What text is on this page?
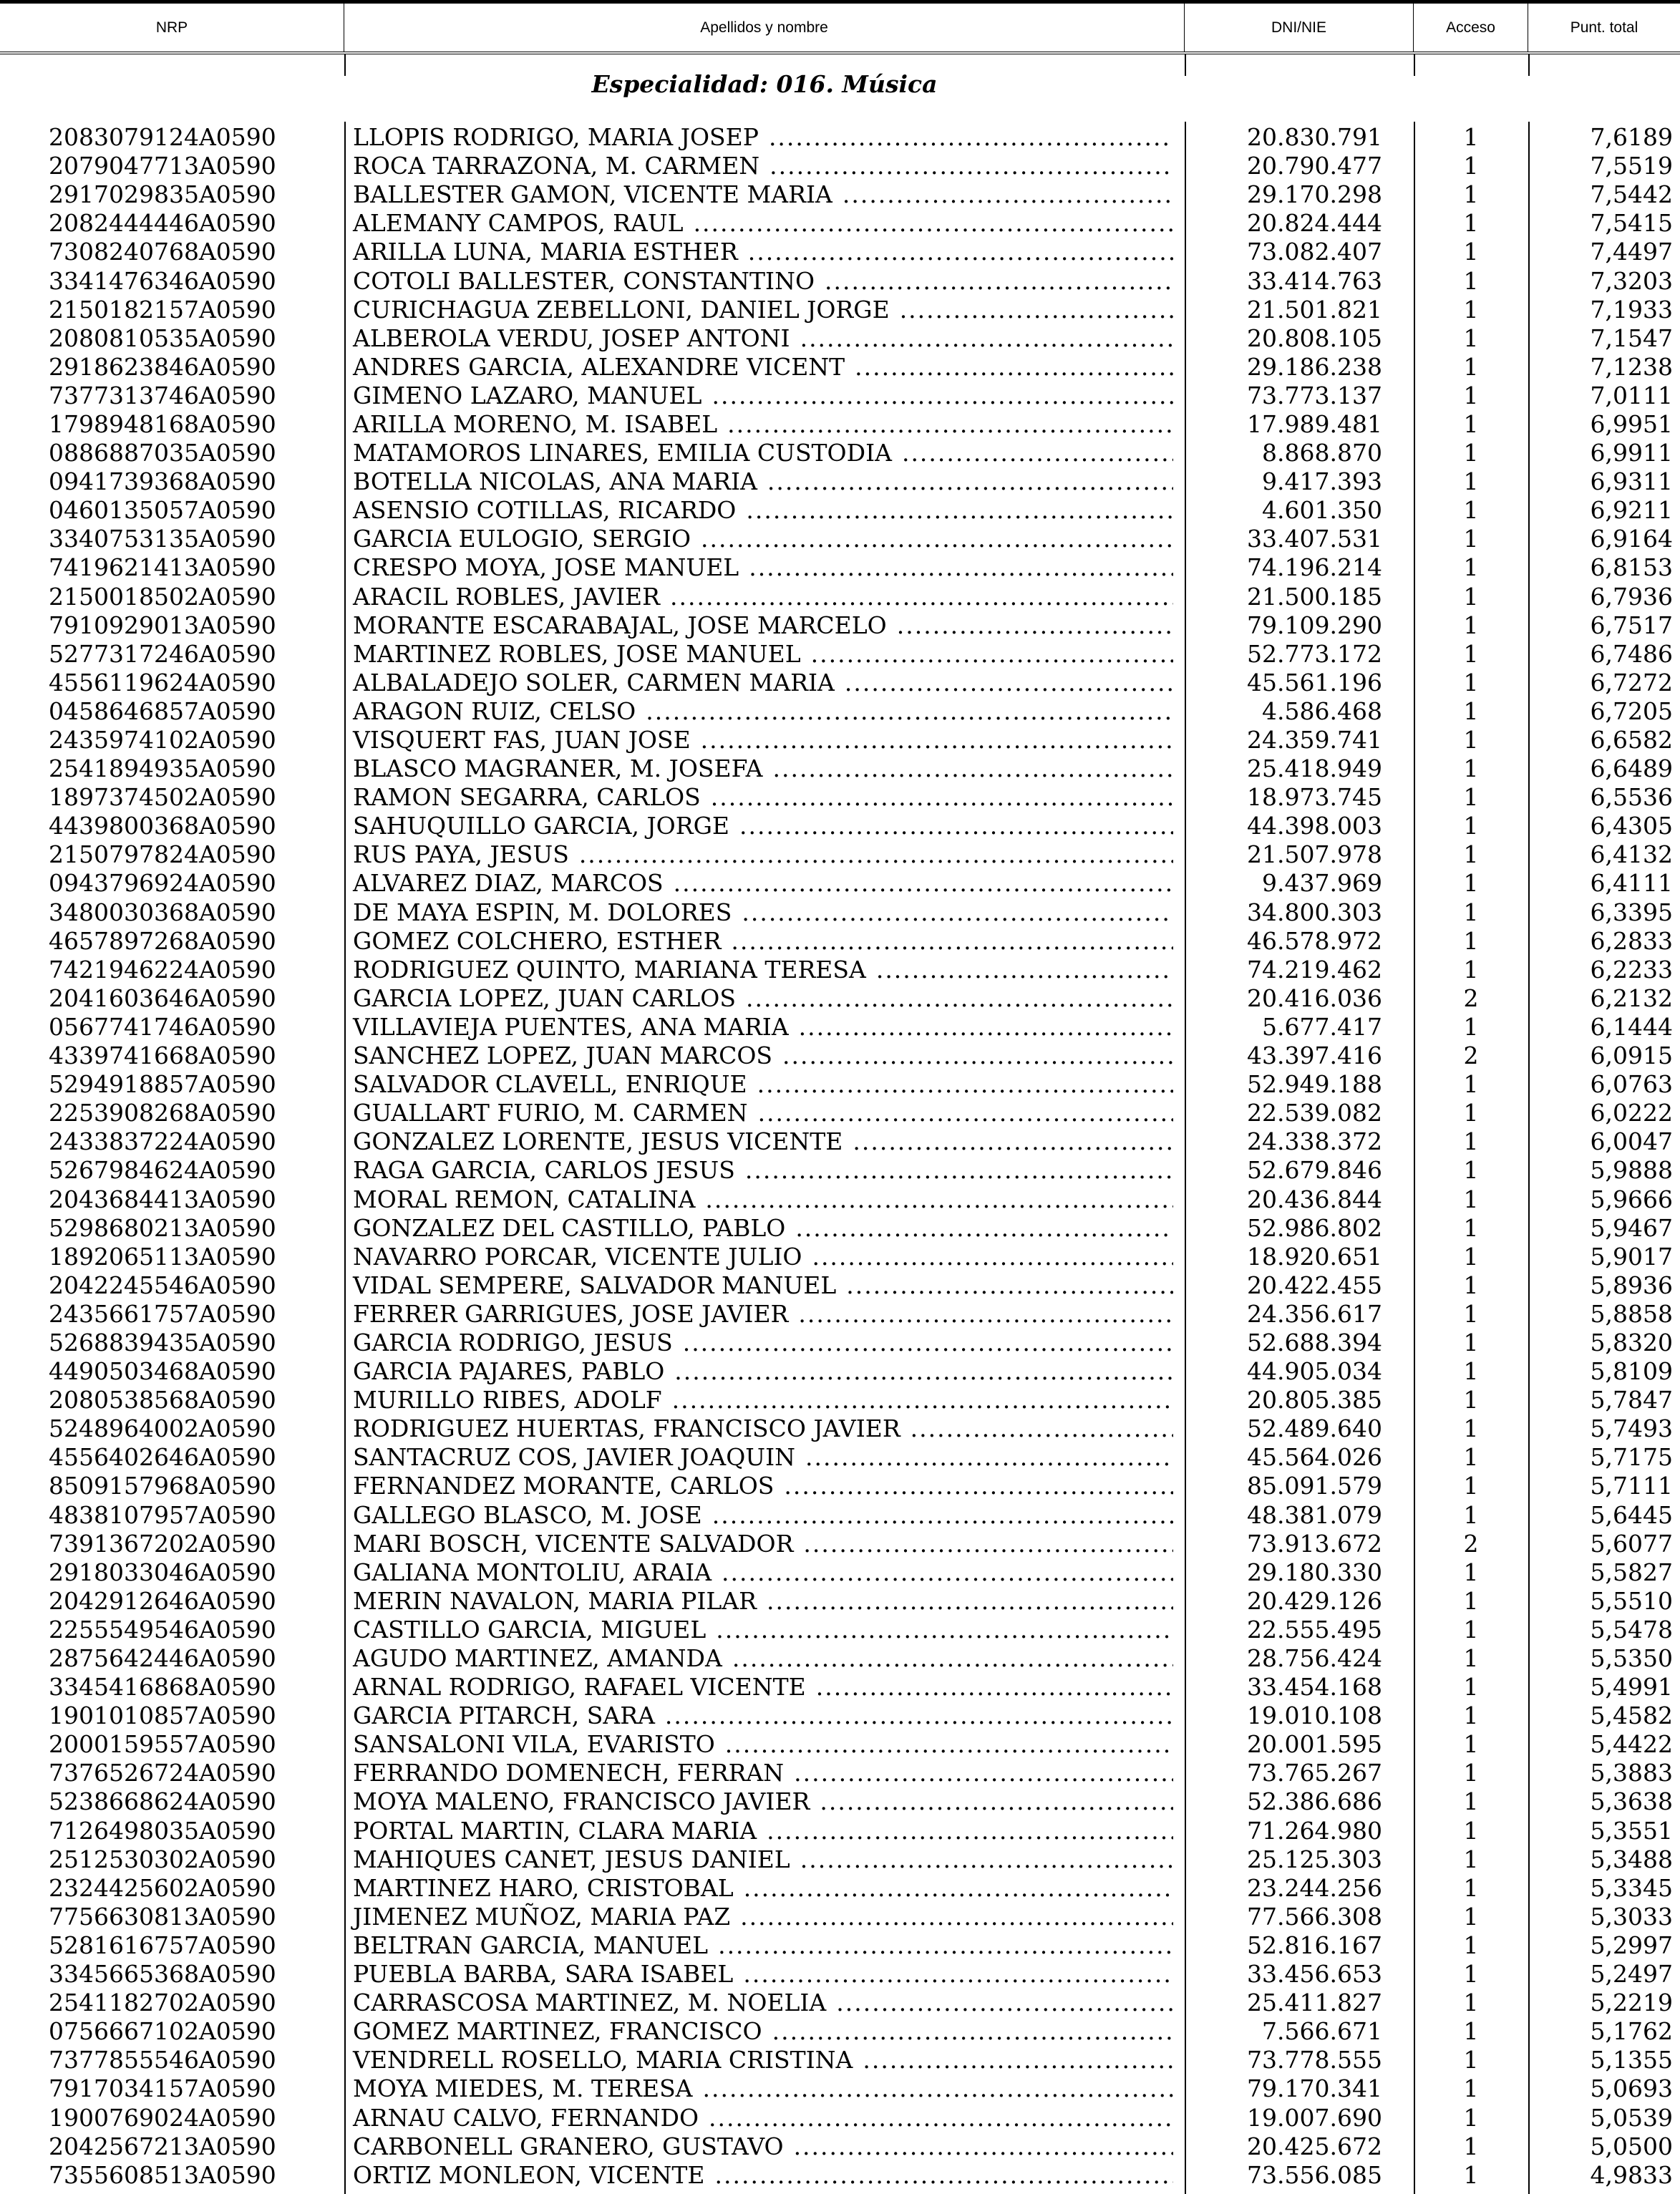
NRP	Apellidos y nombre	DNI/NIE	Acceso	Punt. total
Especialidad: 016. Música
2083079124A0590	LLOPIS RODRIGO, MARIA JOSEP .....	20.830.791	1	7,6189
2079047713A0590	ROCA TARRAZONA, M. CARMEN .....	20.790.477	1	7,5519
2917029835A0590	BALLESTER GAMON, VICENTE MARIA .....	29.170.298	1	7,5442
2082444446A0590	ALEMANY CAMPOS, RAUL .....	20.824.444	1	7,5415
7308240768A0590	ARILLA LUNA, MARIA ESTHER .....	73.082.407	1	7,4497
3341476346A0590	COTOLI BALLESTER, CONSTANTINO .....	33.414.763	1	7,3203
2150182157A0590	CURICHAGUA ZEBELLONI, DANIEL JORGE .....	21.501.821	1	7,1933
2080810535A0590	ALBEROLA VERDU, JOSEP ANTONI .....	20.808.105	1	7,1547
2918623846A0590	ANDRES GARCIA, ALEXANDRE VICENT .....	29.186.238	1	7,1238
7377313746A0590	GIMENO LAZARO, MANUEL .....	73.773.137	1	7,0111
1798948168A0590	ARILLA MORENO, M. ISABEL .....	17.989.481	1	6,9951
0886887035A0590	MATAMOROS LINARES, EMILIA CUSTODIA .....	8.868.870	1	6,9911
0941739368A0590	BOTELLA NICOLAS, ANA MARIA .....	9.417.393	1	6,9311
0460135057A0590	ASENSIO COTILLAS, RICARDO .....	4.601.350	1	6,9211
3340753135A0590	GARCIA EULOGIO, SERGIO .....	33.407.531	1	6,9164
7419621413A0590	CRESPO MOYA, JOSE MANUEL .....	74.196.214	1	6,8153
2150018502A0590	ARACIL ROBLES, JAVIER .....	21.500.185	1	6,7936
7910929013A0590	MORANTE ESCARABAJAL, JOSE MARCELO .....	79.109.290	1	6,7517
5277317246A0590	MARTINEZ ROBLES, JOSE MANUEL .....	52.773.172	1	6,7486
4556119624A0590	ALBALADEJO SOLER, CARMEN MARIA .....	45.561.196	1	6,7272
0458646857A0590	ARAGON RUIZ, CELSO .....	4.586.468	1	6,7205
2435974102A0590	VISQUERT FAS, JUAN JOSE .....	24.359.741	1	6,6582
2541894935A0590	BLASCO MAGRANER, M. JOSEFA .....	25.418.949	1	6,6489
1897374502A0590	RAMON SEGARRA, CARLOS .....	18.973.745	1	6,5536
4439800368A0590	SAHUQUILLO GARCIA, JORGE .....	44.398.003	1	6,4305
2150797824A0590	RUS PAYA, JESUS .....	21.507.978	1	6,4132
0943796924A0590	ALVAREZ DIAZ, MARCOS .....	9.437.969	1	6,4111
3480030368A0590	DE MAYA ESPIN, M. DOLORES .....	34.800.303	1	6,3395
4657897268A0590	GOMEZ COLCHERO, ESTHER .....	46.578.972	1	6,2833
7421946224A0590	RODRIGUEZ QUINTO, MARIANA TERESA .....	74.219.462	1	6,2233
2041603646A0590	GARCIA LOPEZ, JUAN CARLOS .....	20.416.036	2	6,2132
0567741746A0590	VILLAVIEJA PUENTES, ANA MARIA .....	5.677.417	1	6,1444
4339741668A0590	SANCHEZ LOPEZ, JUAN MARCOS .....	43.397.416	2	6,0915
5294918857A0590	SALVADOR CLAVELL, ENRIQUE .....	52.949.188	1	6,0763
2253908268A0590	GUALLART FURIO, M. CARMEN .....	22.539.082	1	6,0222
2433837224A0590	GONZALEZ LORENTE, JESUS VICENTE .....	24.338.372	1	6,0047
5267984624A0590	RAGA GARCIA, CARLOS JESUS .....	52.679.846	1	5,9888
2043684413A0590	MORAL REMON, CATALINA .....	20.436.844	1	5,9666
5298680213A0590	GONZALEZ DEL CASTILLO, PABLO .....	52.986.802	1	5,9467
1892065113A0590	NAVARRO PORCAR, VICENTE JULIO .....	18.920.651	1	5,9017
2042245546A0590	VIDAL SEMPERE, SALVADOR MANUEL .....	20.422.455	1	5,8936
2435661757A0590	FERRER GARRIGUES, JOSE JAVIER .....	24.356.617	1	5,8858
5268839435A0590	GARCIA RODRIGO, JESUS .....	52.688.394	1	5,8320
4490503468A0590	GARCIA PAJARES, PABLO .....	44.905.034	1	5,8109
2080538568A0590	MURILLO RIBES, ADOLF .....	20.805.385	1	5,7847
5248964002A0590	RODRIGUEZ HUERTAS, FRANCISCO JAVIER .....	52.489.640	1	5,7493
4556402646A0590	SANTACRUZ COS, JAVIER JOAQUIN .....	45.564.026	1	5,7175
8509157968A0590	FERNANDEZ MORANTE, CARLOS .....	85.091.579	1	5,7111
4838107957A0590	GALLEGO BLASCO, M. JOSE .....	48.381.079	1	5,6445
7391367202A0590	MARI BOSCH, VICENTE SALVADOR .....	73.913.672	2	5,6077
2918033046A0590	GALIANA MONTOLIU, ARAIA .....	29.180.330	1	5,5827
2042912646A0590	MERIN NAVALON, MARIA PILAR .....	20.429.126	1	5,5510
2255549546A0590	CASTILLO GARCIA, MIGUEL .....	22.555.495	1	5,5478
2875642446A0590	AGUDO MARTINEZ, AMANDA .....	28.756.424	1	5,5350
3345416868A0590	ARNAL RODRIGO, RAFAEL VICENTE .....	33.454.168	1	5,4991
1901010857A0590	GARCIA PITARCH, SARA .....	19.010.108	1	5,4582
2000159557A0590	SANSALONI VILA, EVARISTO .....	20.001.595	1	5,4422
7376526724A0590	FERRANDO DOMENECH, FERRAN .....	73.765.267	1	5,3883
5238668624A0590	MOYA MALENO, FRANCISCO JAVIER .....	52.386.686	1	5,3638
7126498035A0590	PORTAL MARTIN, CLARA MARIA .....	71.264.980	1	5,3551
2512530302A0590	MAHIQUES CANET, JESUS DANIEL .....	25.125.303	1	5,3488
2324425602A0590	MARTINEZ HARO, CRISTOBAL .....	23.244.256	1	5,3345
7756630813A0590	JIMENEZ MUÑOZ, MARIA PAZ .....	77.566.308	1	5,3033
5281616757A0590	BELTRAN GARCIA, MANUEL .....	52.816.167	1	5,2997
3345665368A0590	PUEBLA BARBA, SARA ISABEL .....	33.456.653	1	5,2497
2541182702A0590	CARRASCOSA MARTINEZ, M. NOELIA .....	25.411.827	1	5,2219
0756667102A0590	GOMEZ MARTINEZ, FRANCISCO .....	7.566.671	1	5,1762
7377855546A0590	VENDRELL ROSELLO, MARIA CRISTINA .....	73.778.555	1	5,1355
7917034157A0590	MOYA MIEDES, M. TERESA .....	79.170.341	1	5,0693
1900769024A0590	ARNAU CALVO, FERNANDO .....	19.007.690	1	5,0539
2042567213A0590	CARBONELL GRANERO, GUSTAVO .....	20.425.672	1	5,0500
7355608513A0590	ORTIZ MONLEON, VICENTE .....	73.556.085	1	4,9833
